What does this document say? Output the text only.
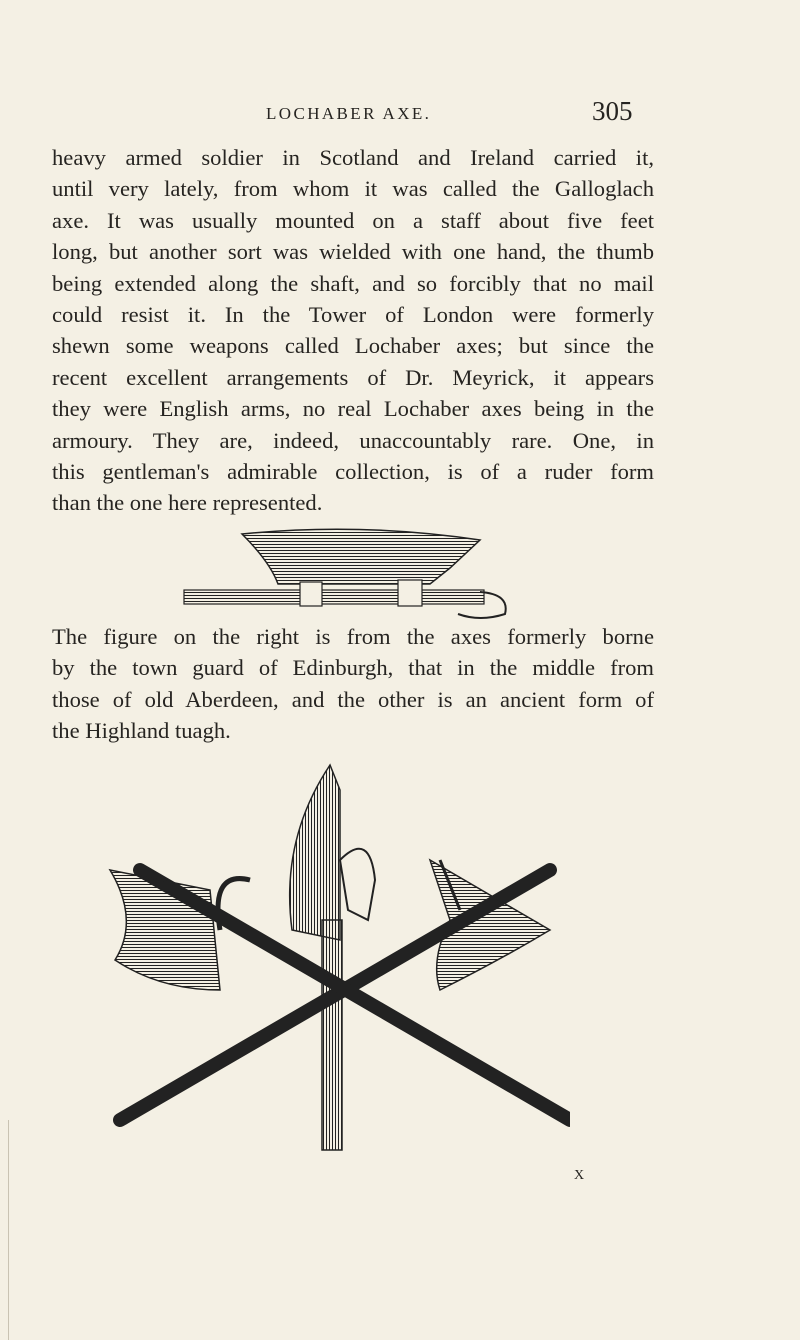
LOCHABER AXE.	305
heavy armed soldier in Scotland and Ireland carried it,
until very lately, from whom it was called the Galloglach
axe. It was usually mounted on a staff about five feet
long, but another sort was wielded with one hand, the thumb
being extended along the shaft, and so forcibly that no mail
could resist it. In the Tower of London were formerly
shewn some weapons called Lochaber axes; but since the
recent excellent arrangements of Dr. Meyrick, it appears
they were English arms, no real Lochaber axes being in the
armoury. They are, indeed, unaccountably rare. One, in
this gentleman's admirable collection, is of a ruder form
than the one here represented.
The figure on the right is from the axes formerly borne
by the town guard of Edinburgh, that in the middle from
those of old Aberdeen, and the other is an ancient form of
the Highland tuagh.
X
